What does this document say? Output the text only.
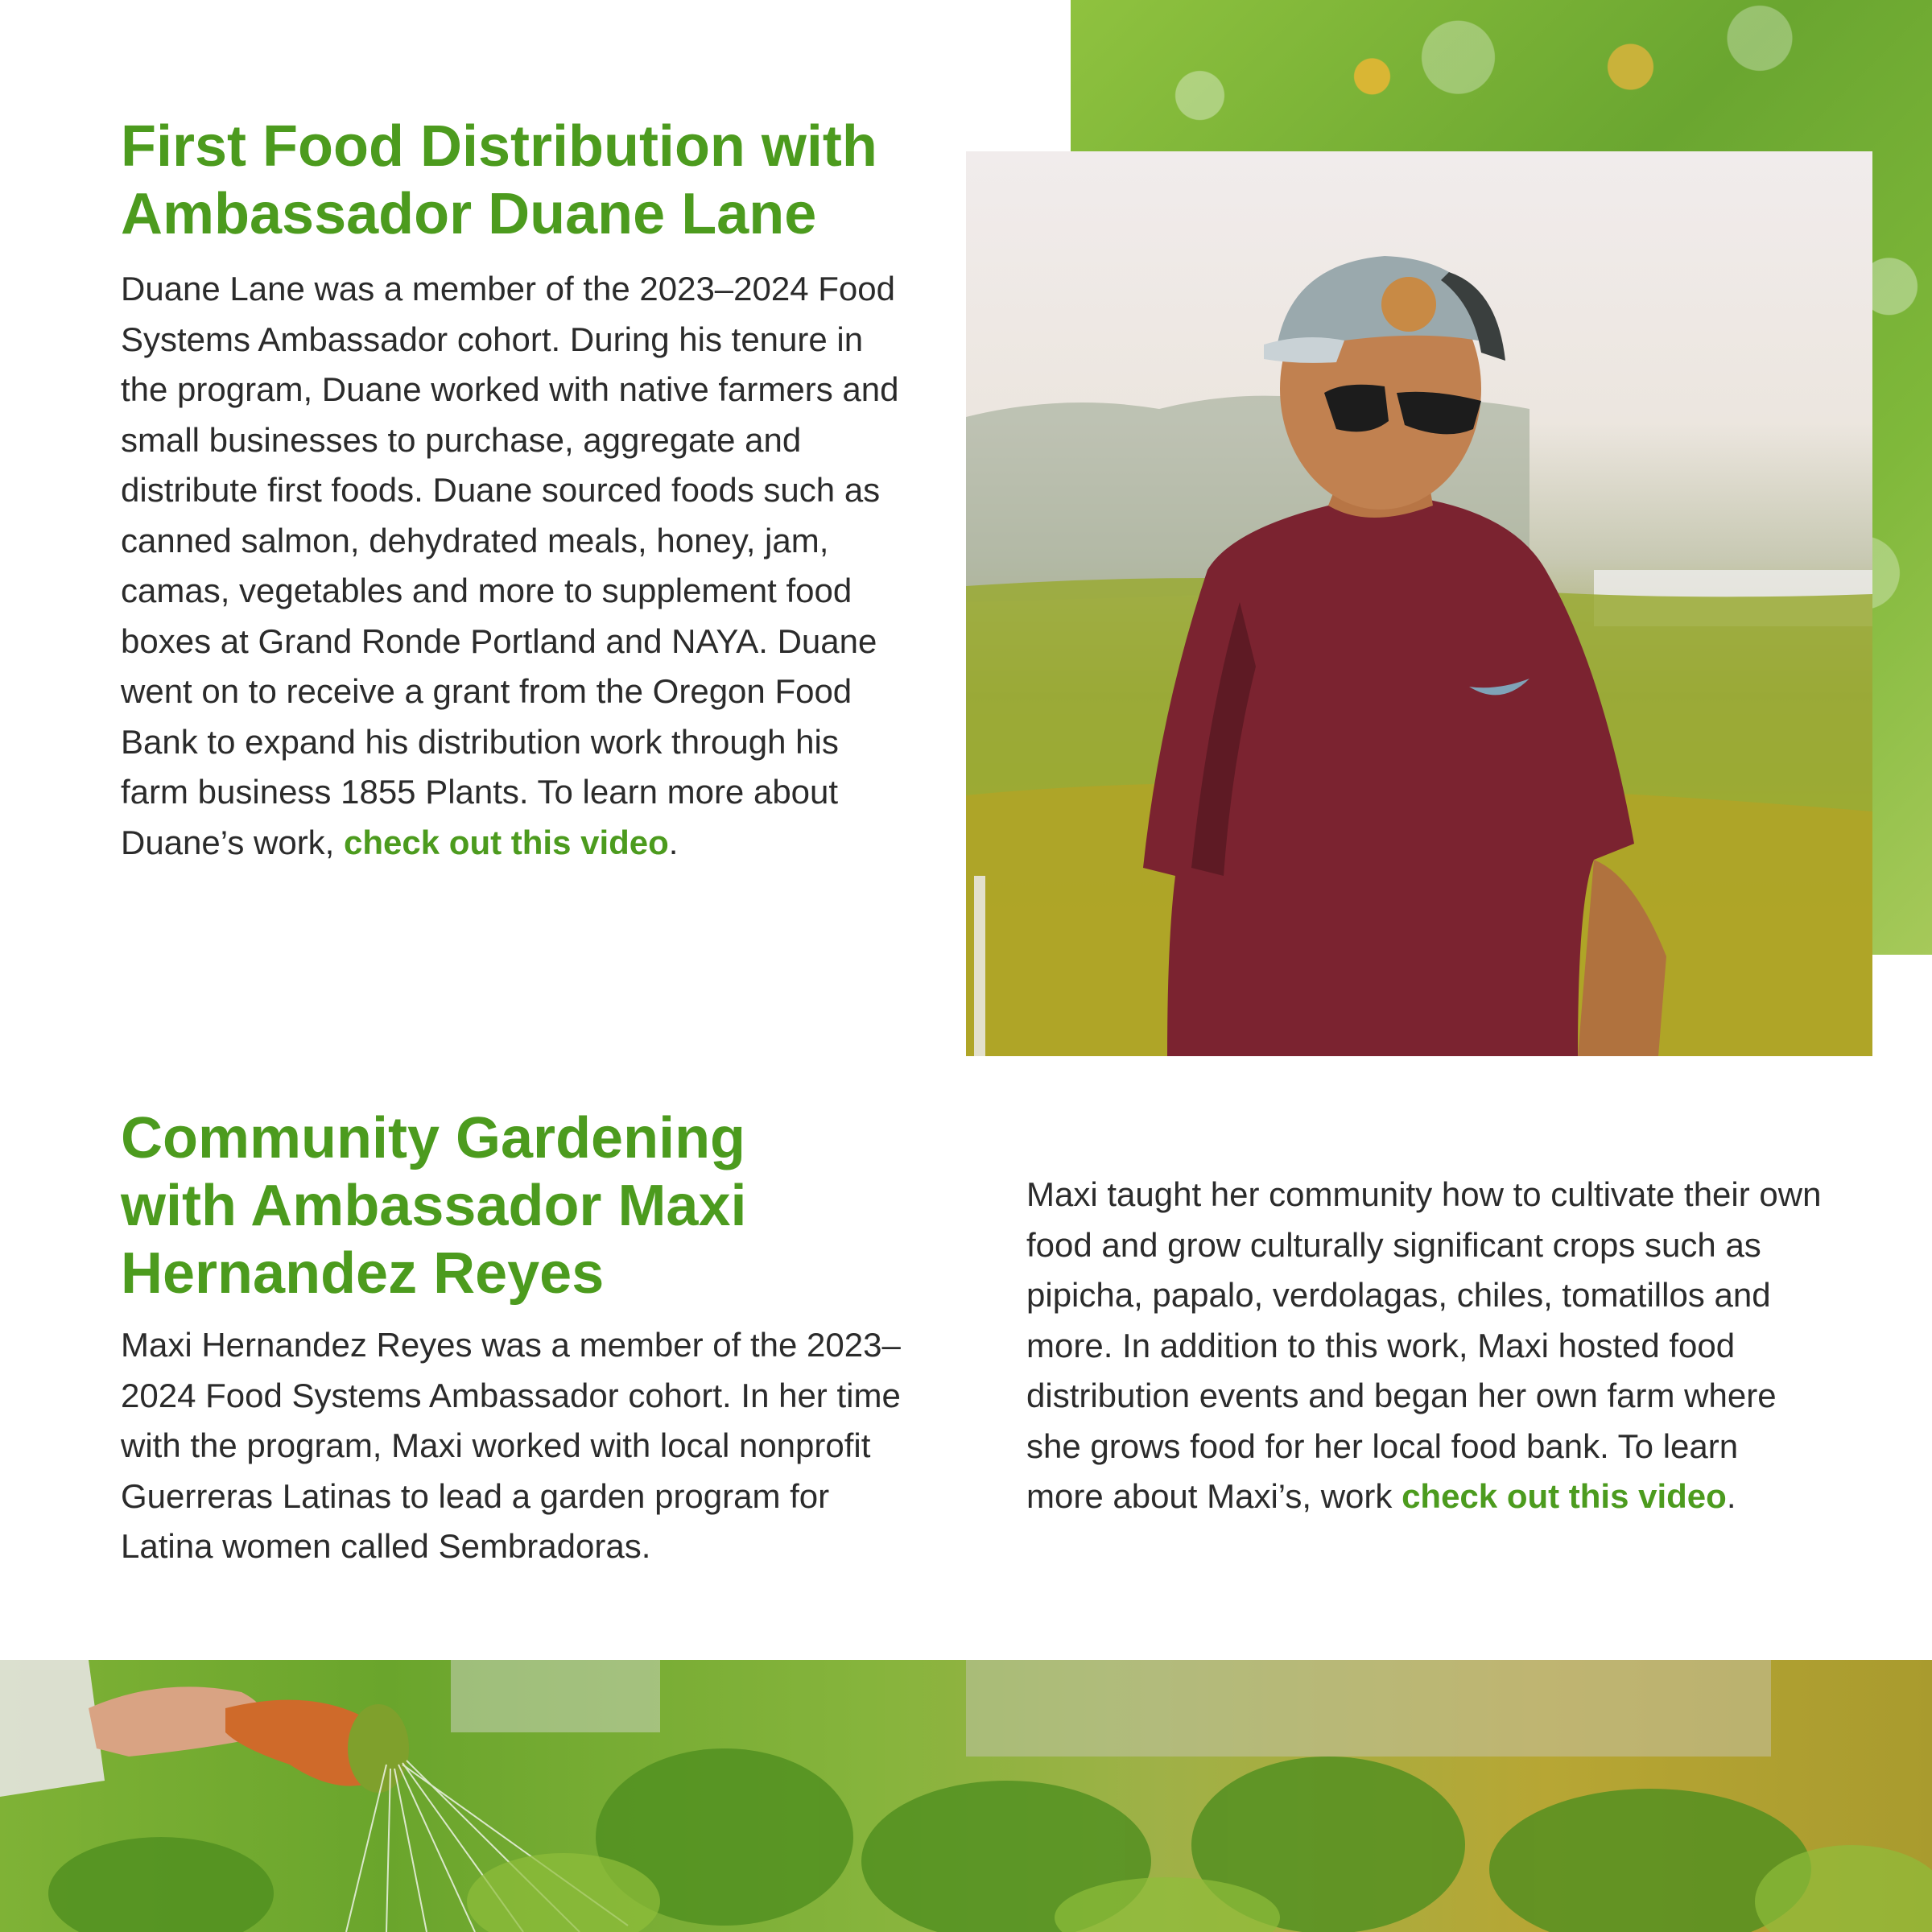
First Food Distribution with
Ambassador Duane Lane

Duane Lane was a member of the 2023–2024 Food Systems Ambassador cohort. During his tenure in the program, Duane worked with native farmers and small businesses to purchase, aggregate and distribute first foods. Duane sourced foods such as canned salmon, dehydrated meals, honey, jam, camas, vegetables and more to supplement food boxes at Grand Ronde Portland and NAYA. Duane went on to receive a grant from the Oregon Food Bank to expand his distribution work through his farm business 1855 Plants. To learn more about Duane’s work, check out this video.

Community Gardening
with Ambassador Maxi
Hernandez Reyes

Maxi Hernandez Reyes was a member of the 2023–2024 Food Systems Ambassador cohort. In her time with the program, Maxi worked with local nonprofit Guerreras Latinas to lead a garden program for Latina women called Sembradoras.

Maxi taught her community how to cultivate their own food and grow culturally significant crops such as pipicha, papalo, verdolagas, chiles, tomatillos and more. In addition to this work, Maxi hosted food distribution events and began her own farm where she grows food for her local food bank. To learn more about Maxi’s, work check out this video.
